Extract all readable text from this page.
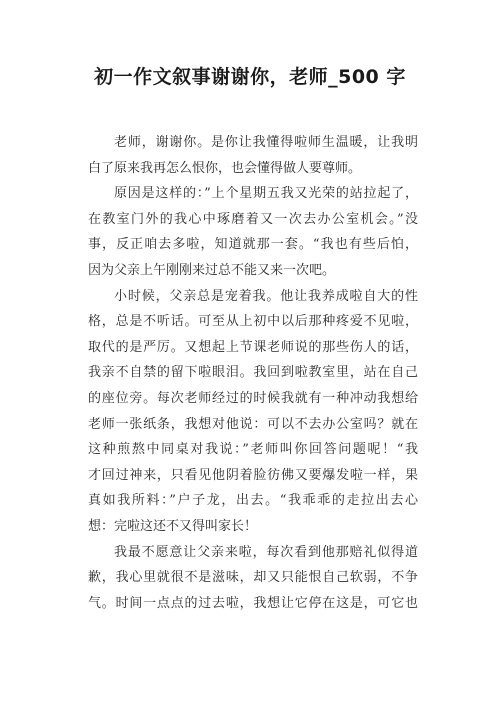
初一作文叙事谢谢你，老师_500 字
老师，谢谢你。是你让我懂得啦师生温暖，让我明
白了原来我再怎么恨你，也会懂得做人要尊师。
原因是这样的：”上个星期五我又光荣的站拉起了，
在教室门外的我心中琢磨着又一次去办公室机会。”没
事，反正咱去多啦，知道就那一套。“我也有些后怕，
因为父亲上午刚刚来过总不能又来一次吧。
小时候，父亲总是宠着我。他让我养成啦自大的性
格，总是不听话。可至从上初中以后那种疼爱不见啦，
取代的是严厉。又想起上节课老师说的那些伤人的话，
我亲不自禁的留下啦眼泪。我回到啦教室里，站在自己
的座位旁。每次老师经过的时候我就有一种冲动我想给
老师一张纸条，我想对他说：可以不去办公室吗？就在
这种煎熬中同桌对我说：”老师叫你回答问题呢！“我
才回过神来，只看见他阴着脸彷佛又要爆发啦一样，果
真如我所料：”户子龙，出去。“我乖乖的走拉出去心
想：完啦这还不又得叫家长！
我最不愿意让父亲来啦，每次看到他那赔礼似得道
歉，我心里就很不是滋味，却又只能恨自己软弱，不争
气。时间一点点的过去啦，我想让它停在这是，可它也
